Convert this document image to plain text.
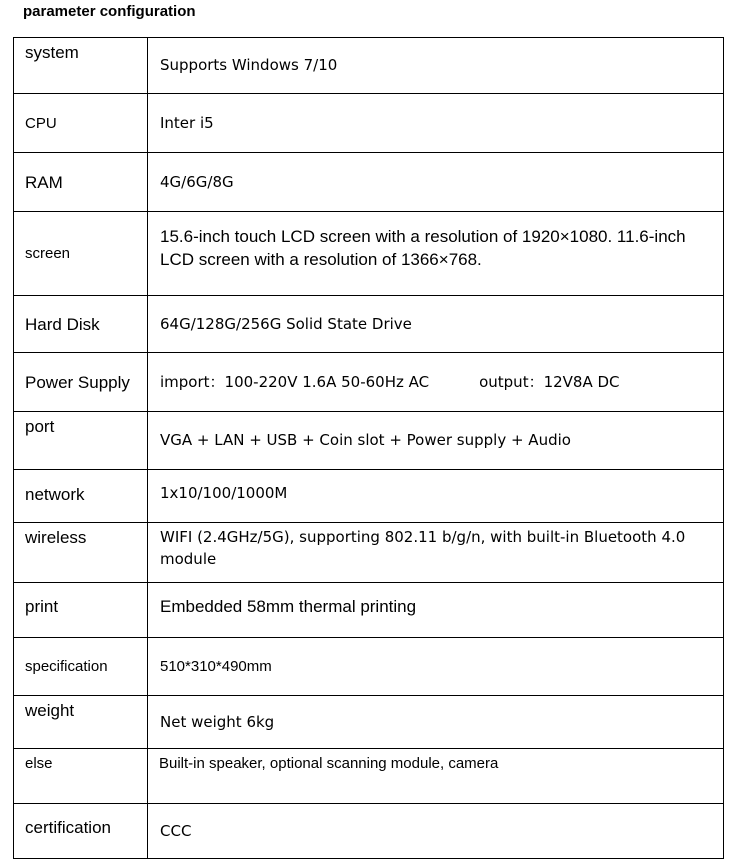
parameter configuration
system	Supports Windows 7/10
CPU	Inter i5
RAM	4G/6G/8G
screen	15.6-inch touch LCD screen with a resolution of 1920×1080. 11.6-inch LCD screen with a resolution of 1366×768.
Hard Disk	64G/128G/256G Solid State Drive
Power Supply	import：100-220V 1.6A 50-60Hz AC output：12V8A DC
port	VGA + LAN + USB + Coin slot + Power supply + Audio
network	1x10/100/1000M
wireless	WIFI (2.4GHz/5G), supporting 802.11 b/g/n, with built-in Bluetooth 4.0 module
print	Embedded 58mm thermal printing
specification	510*310*490mm
weight	Net weight 6kg
else	Built-in speaker, optional scanning module, camera
certification	CCC
